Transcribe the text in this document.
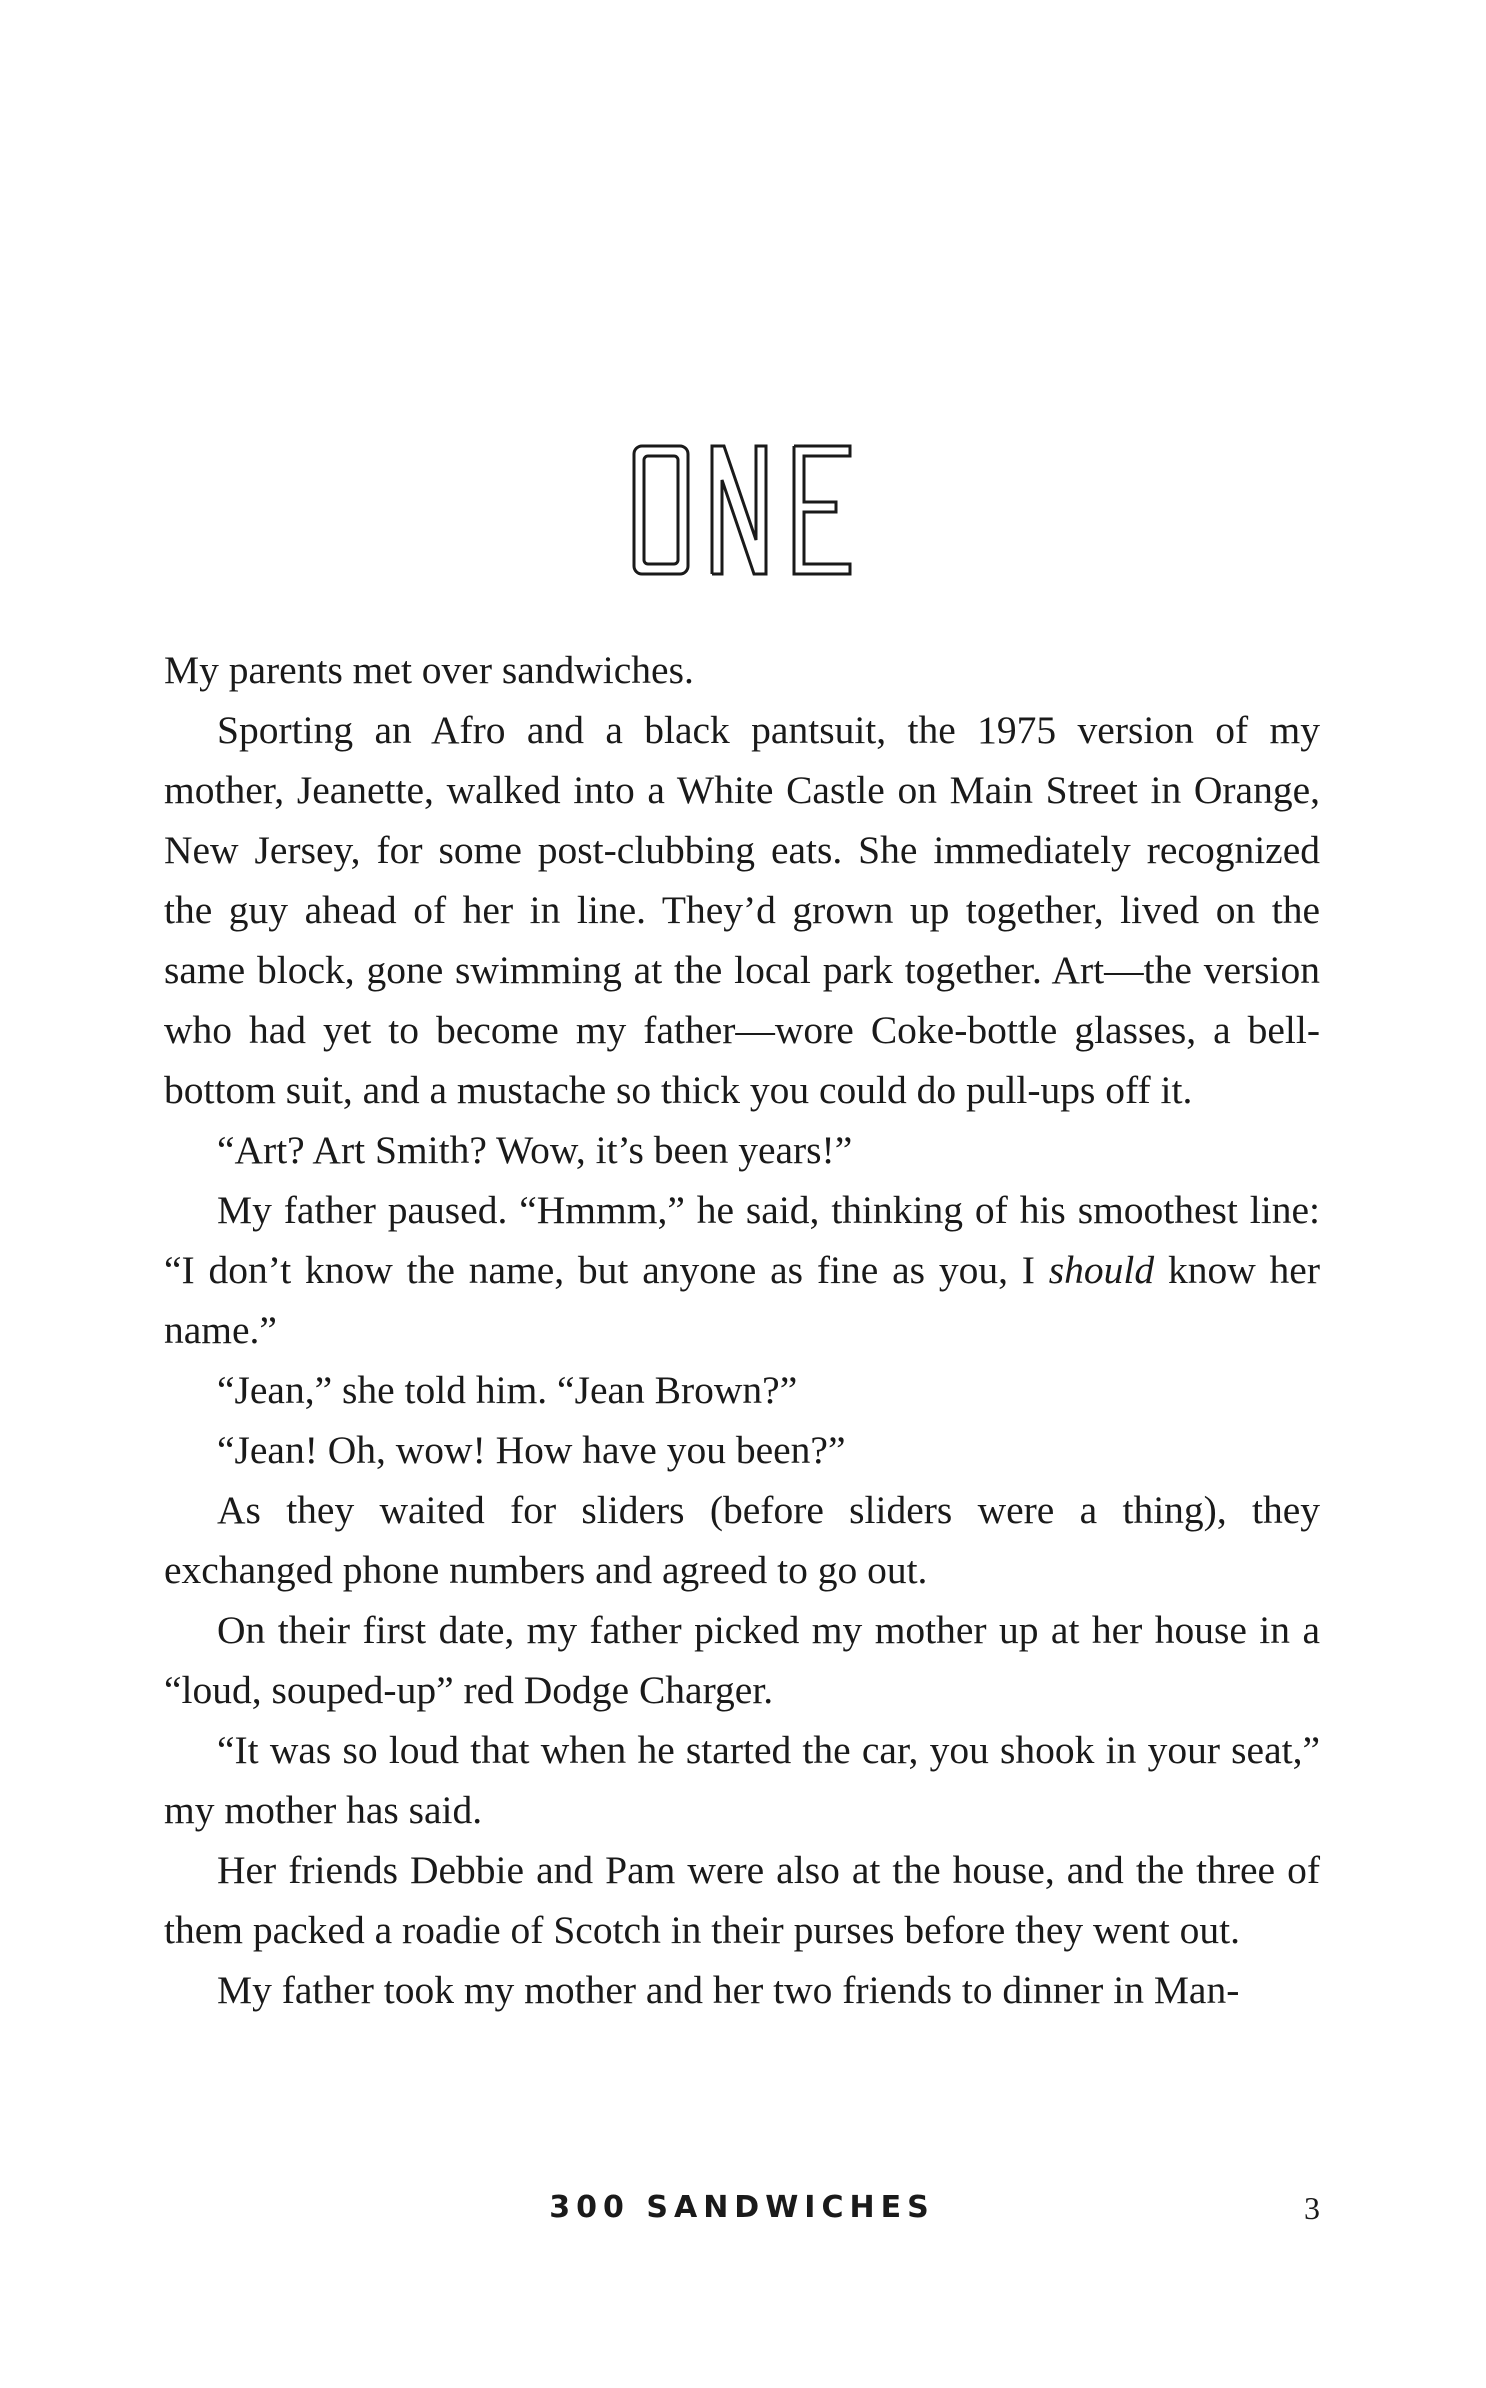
My parents met over sandwiches.

Sporting an Afro and a black pantsuit, the 1975 version of my mother, Jeanette, walked into a White Castle on Main Street in Orange, New Jersey, for some post-clubbing eats. She immediately recognized the guy ahead of her in line. They’d grown up together, lived on the same block, gone swimming at the local park together. Art—the version who had yet to become my father—wore Coke-bottle glasses, a bell-bottom suit, and a mustache so thick you could do pull-ups off it.

“Art? Art Smith? Wow, it’s been years!”

My father paused. “Hmmm,” he said, thinking of his smoothest line: “I don’t know the name, but anyone as fine as you, I should know her name.”

“Jean,” she told him. “Jean Brown?”

“Jean! Oh, wow! How have you been?”

As they waited for sliders (before sliders were a thing), they exchanged phone numbers and agreed to go out.

On their first date, my father picked my mother up at her house in a “loud, souped-up” red Dodge Charger.

“It was so loud that when he started the car, you shook in your seat,” my mother has said.

Her friends Debbie and Pam were also at the house, and the three of them packed a roadie of Scotch in their purses before they went out.

My father took my mother and her two friends to dinner in Man-

300 SANDWICHES	3
